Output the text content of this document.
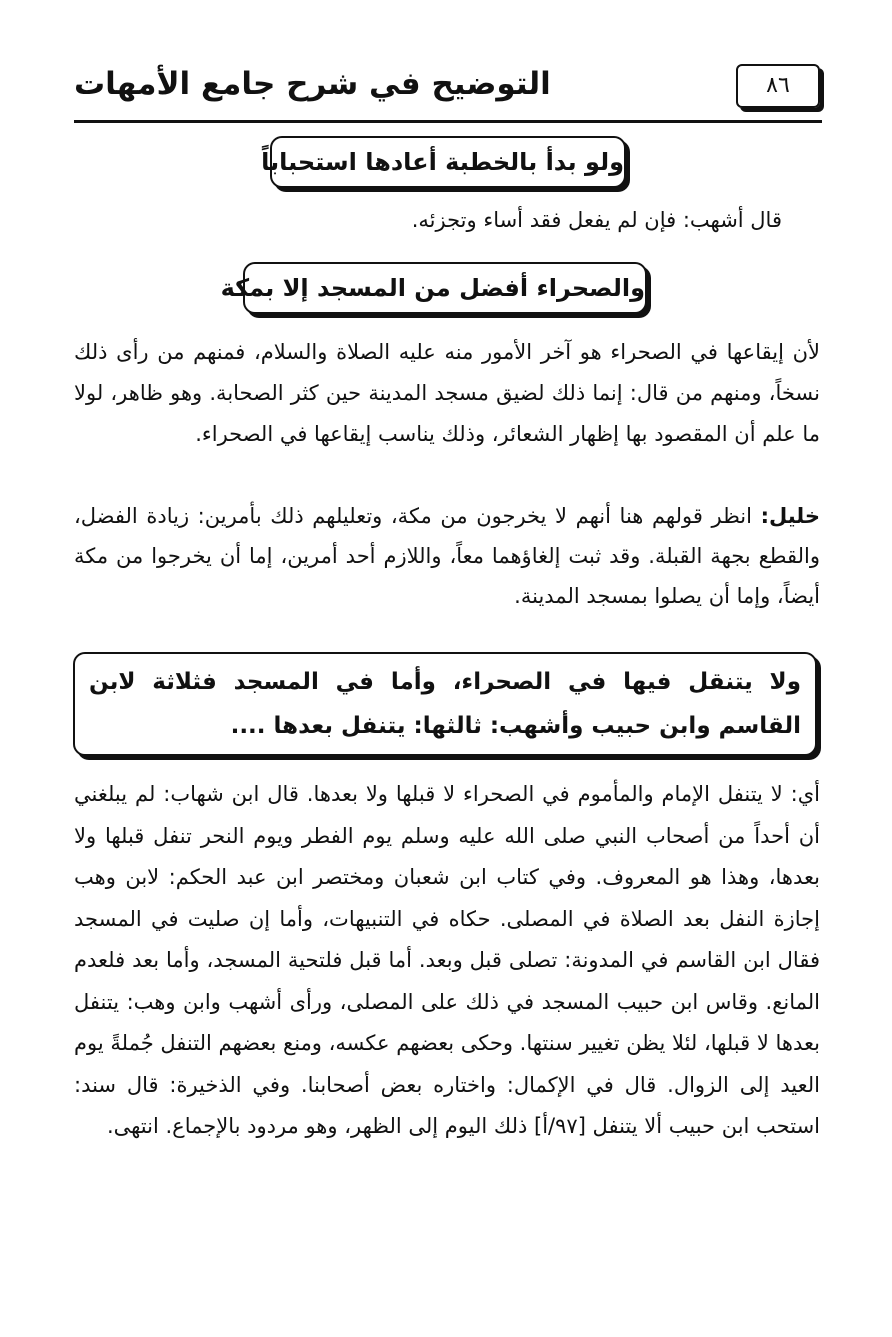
التوضيح في شرح جامع الأمهات	٨٦
ولو بدأ بالخطبة أعادها استحباباً
قال أشهب: فإن لم يفعل فقد أساء وتجزئه.
والصحراء أفضل من المسجد إلا بمكة
لأن إيقاعها في الصحراء هو آخر الأمور منه عليه الصلاة والسلام، فمنهم من رأى ذلك نسخاً، ومنهم من قال: إنما ذلك لضيق مسجد المدينة حين كثر الصحابة. وهو ظاهر، لولا ما علم أن المقصود بها إظهار الشعائر، وذلك يناسب إيقاعها في الصحراء.
خليل: انظر قولهم هنا أنهم لا يخرجون من مكة، وتعليلهم ذلك بأمرين: زيادة الفضل، والقطع بجهة القبلة. وقد ثبت إلغاؤهما معاً، واللازم أحد أمرين، إما أن يخرجوا من مكة أيضاً، وإما أن يصلوا بمسجد المدينة.
ولا يتنقل فيها في الصحراء، وأما في المسجد فثلاثة لابن القاسم وابن حبيب وأشهب: ثالثها: يتنفل بعدها ....
أي: لا يتنفل الإمام والمأموم في الصحراء لا قبلها ولا بعدها. قال ابن شهاب: لم يبلغني أن أحداً من أصحاب النبي صلى الله عليه وسلم يوم الفطر ويوم النحر تنفل قبلها ولا بعدها، وهذا هو المعروف. وفي كتاب ابن شعبان ومختصر ابن عبد الحكم: لابن وهب إجازة النفل بعد الصلاة في المصلى. حكاه في التنبيهات، وأما إن صليت في المسجد فقال ابن القاسم في المدونة: تصلى قبل وبعد. أما قبل فلتحية المسجد، وأما بعد فلعدم المانع. وقاس ابن حبيب المسجد في ذلك على المصلى، ورأى أشهب وابن وهب: يتنفل بعدها لا قبلها، لئلا يظن تغيير سنتها. وحكى بعضهم عكسه، ومنع بعضهم التنفل جُملةً يوم العيد إلى الزوال. قال في الإكمال: واختاره بعض أصحابنا. وفي الذخيرة: قال سند: استحب ابن حبيب ألا يتنفل [٩٧/أ] ذلك اليوم إلى الظهر، وهو مردود بالإجماع. انتهى.
